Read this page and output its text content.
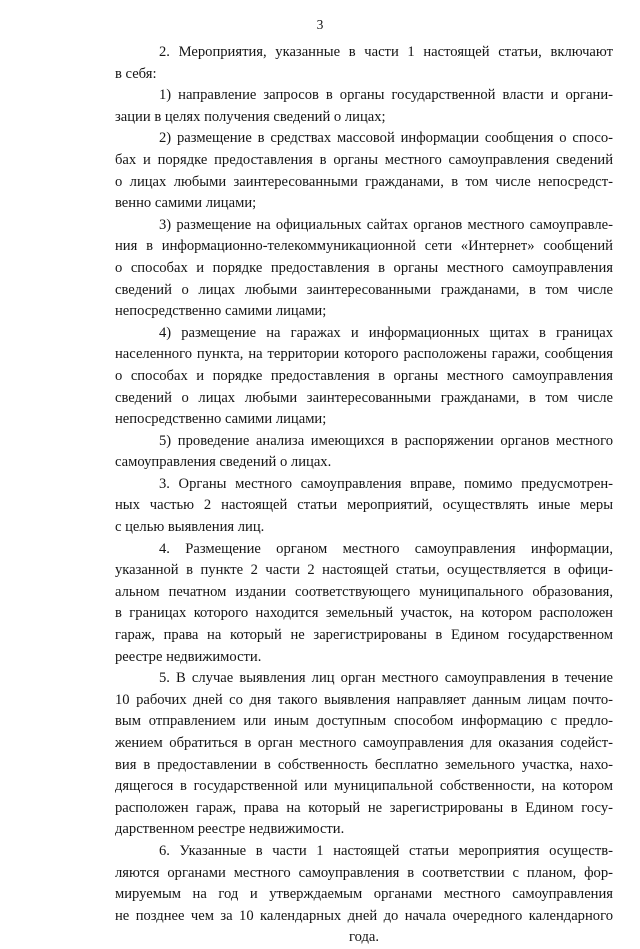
3
2. Мероприятия, указанные в части 1 настоящей статьи, включают
в себя:
1) направление запросов в органы государственной власти и органи-
зации в целях получения сведений о лицах;
2) размещение в средствах массовой информации сообщения о спосо-
бах и порядке предоставления в органы местного самоуправления сведений
о лицах любыми заинтересованными гражданами, в том числе непосредст-
венно самими лицами;
3) размещение на официальных сайтах органов местного самоуправле-
ния в информационно-телекоммуникационной сети «Интернет» сообщений
о способах и порядке предоставления в органы местного самоуправления
сведений о лицах любыми заинтересованными гражданами, в том числе
непосредственно самими лицами;
4) размещение на гаражах и информационных щитах в границах
населенного пункта, на территории которого расположены гаражи, сообщения
о способах и порядке предоставления в органы местного самоуправления
сведений о лицах любыми заинтересованными гражданами, в том числе
непосредственно самими лицами;
5) проведение анализа имеющихся в распоряжении органов местного
самоуправления сведений о лицах.
3. Органы местного самоуправления вправе, помимо предусмотрен-
ных частью 2 настоящей статьи мероприятий, осуществлять иные меры
с целью выявления лиц.
4. Размещение органом местного самоуправления информации,
указанной в пункте 2 части 2 настоящей статьи, осуществляется в офици-
альном печатном издании соответствующего муниципального образования,
в границах которого находится земельный участок, на котором расположен
гараж, права на который не зарегистрированы в Едином государственном
реестре недвижимости.
5. В случае выявления лиц орган местного самоуправления в течение
10 рабочих дней со дня такого выявления направляет данным лицам почто-
вым отправлением или иным доступным способом информацию с предло-
жением обратиться в орган местного самоуправления для оказания содейст-
вия в предоставлении в собственность бесплатно земельного участка, нахо-
дящегося в государственной или муниципальной собственности, на котором
расположен гараж, права на который не зарегистрированы в Едином госу-
дарственном реестре недвижимости.
6. Указанные в части 1 настоящей статьи мероприятия осуществ-
ляются органами местного самоуправления в соответствии с планом, фор-
мируемым на год и утверждаемым органами местного самоуправления
не позднее чем за 10 календарных дней до начала очередного календарного
года.
